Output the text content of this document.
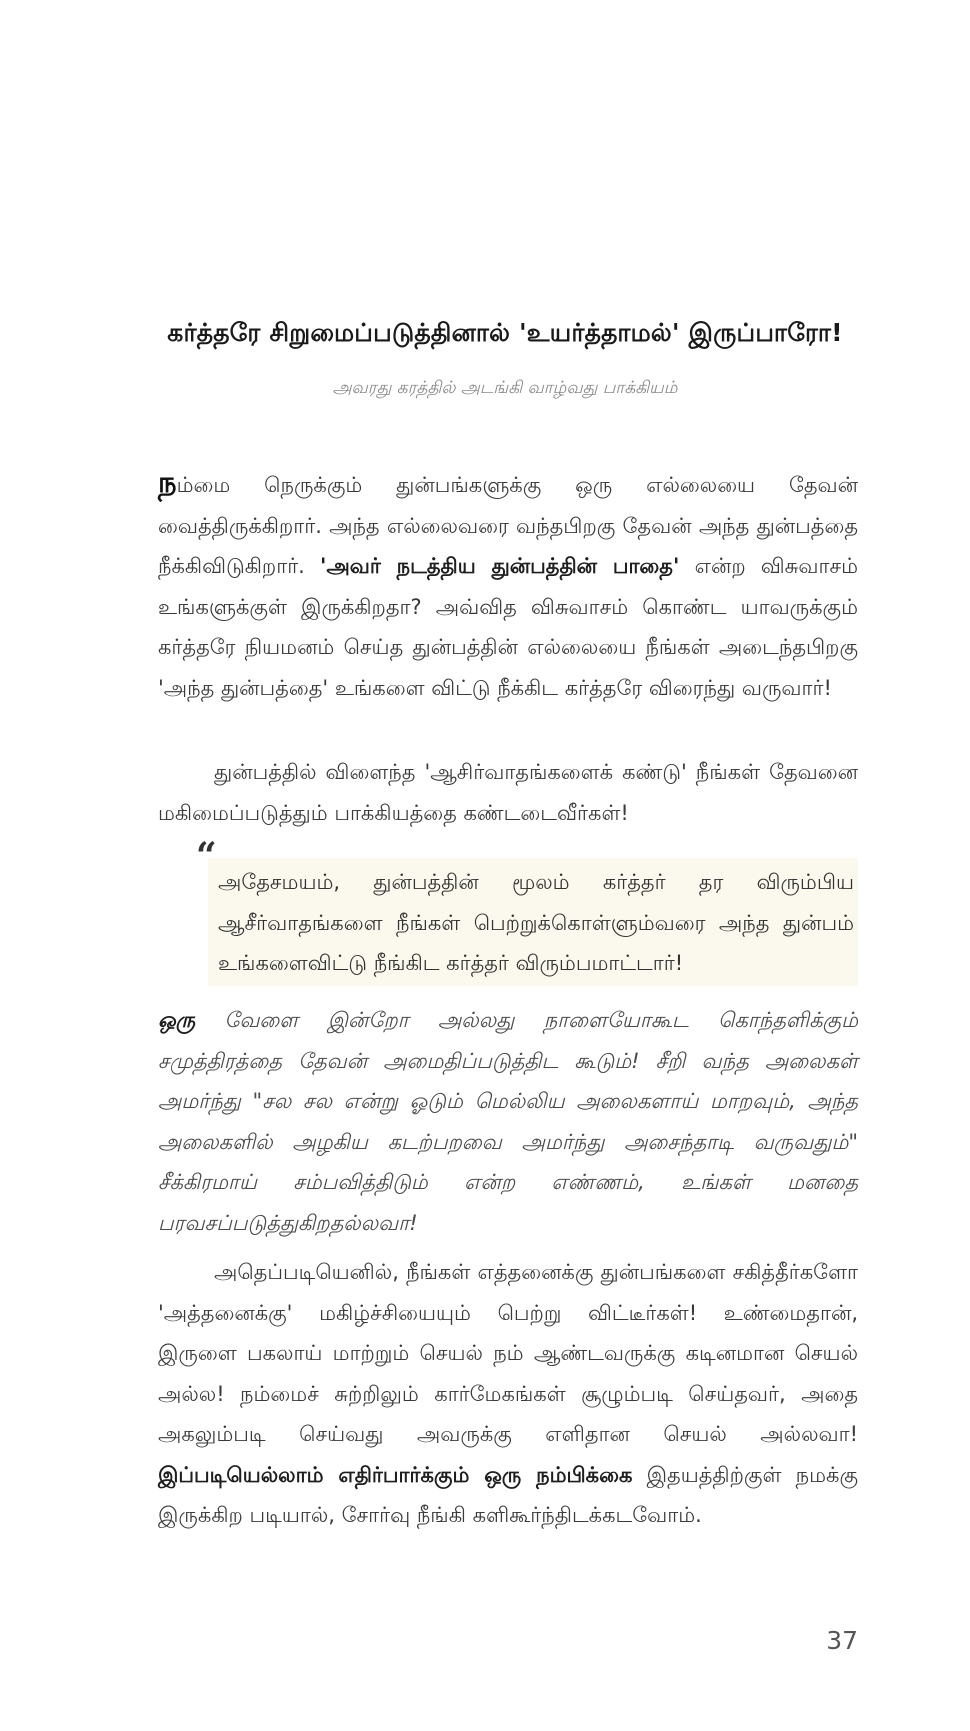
கர்த்தரே சிறுமைப்படுத்தினால் 'உயர்த்தாமல்' இருப்பாரோ!
அவரது கரத்தில் அடங்கி வாழ்வது பாக்கியம்

நம்மை நெருக்கும் துன்பங்களுக்கு ஒரு எல்லையை தேவன் வைத்திருக்கிறார். அந்த எல்லைவரை வந்தபிறகு தேவன் அந்த துன்பத்தை நீக்கிவிடுகிறார். 'அவர் நடத்திய துன்பத்தின் பாதை' என்ற விசுவாசம் உங்களுக்குள் இருக்கிறதா? அவ்வித விசுவாசம் கொண்ட யாவருக்கும் கர்த்தரே நியமனம் செய்த துன்பத்தின் எல்லையை நீங்கள் அடைந்தபிறகு 'அந்த துன்பத்தை' உங்களை விட்டு நீக்கிட கர்த்தரே விரைந்து வருவார்!

துன்பத்தில் விளைந்த 'ஆசிர்வாதங்களைக் கண்டு' நீங்கள் தேவனை மகிமைப்படுத்தும் பாக்கியத்தை கண்டடைவீர்கள்!

“

அதேசமயம், துன்பத்தின் மூலம் கர்த்தர் தர விரும்பிய ஆசீர்வாதங்களை நீங்கள் பெற்றுக்கொள்ளும்வரை அந்த துன்பம் உங்களைவிட்டு நீங்கிட கர்த்தர் விரும்பமாட்டார்!

ஒரு வேளை இன்றோ அல்லது நாளையோகூட கொந்தளிக்கும் சமுத்திரத்தை தேவன் அமைதிப்படுத்திட கூடும்! சீறி வந்த அலைகள் அமர்ந்து "சல சல என்று ஓடும் மெல்லிய அலைகளாய் மாறவும், அந்த அலைகளில் அழகிய கடற்பறவை அமர்ந்து அசைந்தாடி வருவதும்" சீக்கிரமாய் சம்பவித்திடும் என்ற எண்ணம், உங்கள் மனதை பரவசப்படுத்துகிறதல்லவா!

அதெப்படியெனில், நீங்கள் எத்தனைக்கு துன்பங்களை சகித்தீர்களோ 'அத்தனைக்கு' மகிழ்ச்சியையும் பெற்று விட்டீர்கள்! உண்மைதான், இருளை பகலாய் மாற்றும் செயல் நம் ஆண்டவருக்கு கடினமான செயல் அல்ல! நம்மைச் சுற்றிலும் கார்மேகங்கள் சூழும்படி செய்தவர், அதை அகலும்படி செய்வது அவருக்கு எளிதான செயல் அல்லவா! இப்படியெல்லாம் எதிர்பார்க்கும் ஒரு நம்பிக்கை இதயத்திற்குள் நமக்கு இருக்கிற படியால், சோர்வு நீங்கி களிகூர்ந்திடக்கடவோம்.

37
